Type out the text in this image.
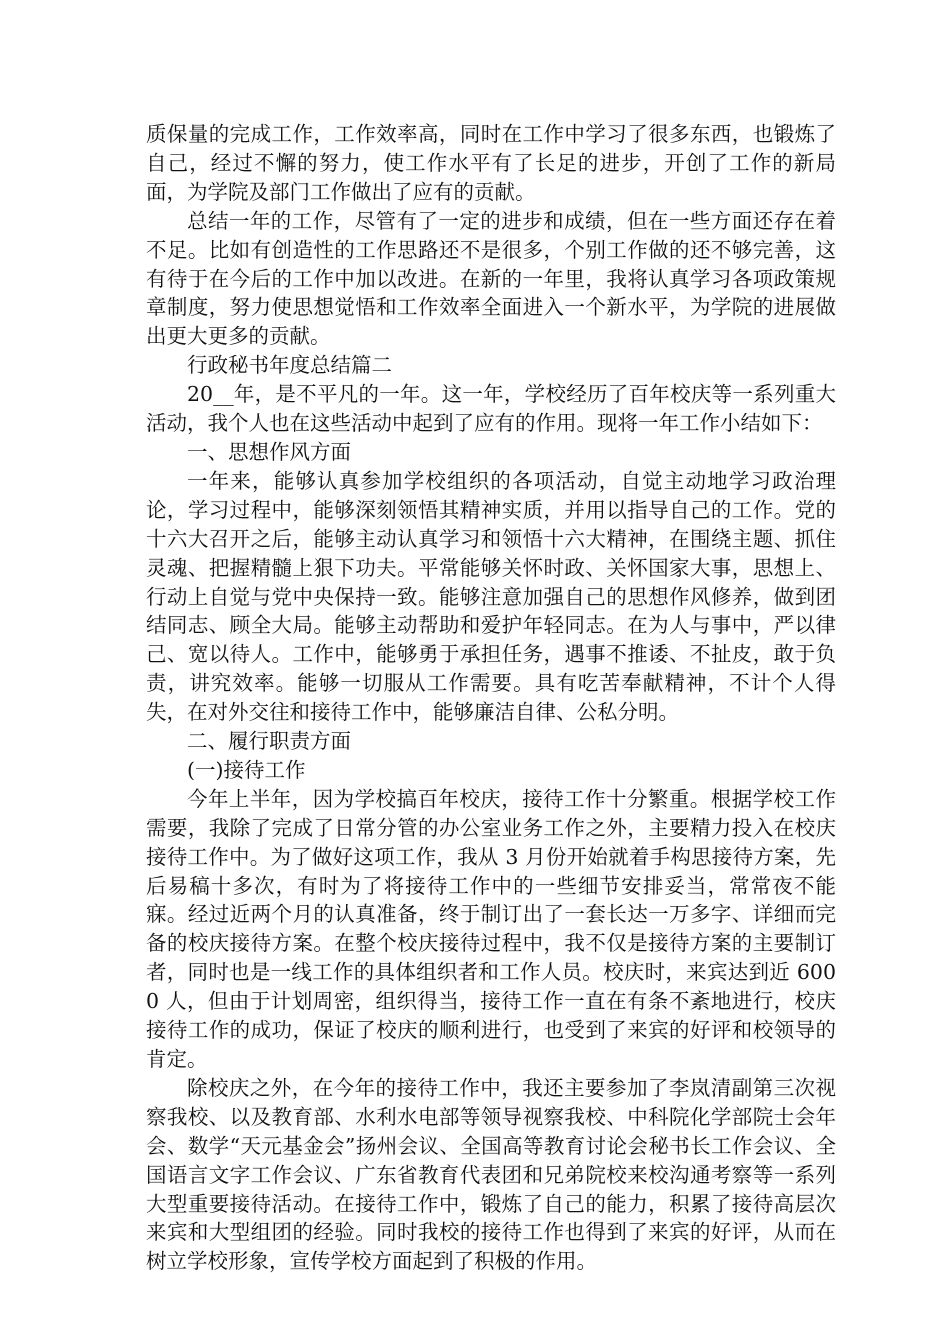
质保量的完成工作，工作效率高，同时在工作中学习了很多东西，也锻炼了自己，经过不懈的努力，使工作水平有了长足的进步，开创了工作的新局面，为学院及部门工作做出了应有的贡献。

总结一年的工作，尽管有了一定的进步和成绩，但在一些方面还存在着不足。比如有创造性的工作思路还不是很多，个别工作做的还不够完善，这有待于在今后的工作中加以改进。在新的一年里，我将认真学习各项政策规章制度，努力使思想觉悟和工作效率全面进入一个新水平，为学院的进展做出更大更多的贡献。

行政秘书年度总结篇二

20__年，是不平凡的一年。这一年，学校经历了百年校庆等一系列重大活动，我个人也在这些活动中起到了应有的作用。现将一年工作小结如下：

一、思想作风方面

一年来，能够认真参加学校组织的各项活动，自觉主动地学习政治理论，学习过程中，能够深刻领悟其精神实质，并用以指导自己的工作。党的十六大召开之后，能够主动认真学习和领悟十六大精神，在围绕主题、抓住灵魂、把握精髓上狠下功夫。平常能够关怀时政、关怀国家大事，思想上、行动上自觉与党中央保持一致。能够注意加强自己的思想作风修养，做到团结同志、顾全大局。能够主动帮助和爱护年轻同志。在为人与事中，严以律己、宽以待人。工作中，能够勇于承担任务，遇事不推诿、不扯皮，敢于负责，讲究效率。能够一切服从工作需要。具有吃苦奉献精神，不计个人得失，在对外交往和接待工作中，能够廉洁自律、公私分明。

二、履行职责方面

(一)接待工作

今年上半年，因为学校搞百年校庆，接待工作十分繁重。根据学校工作需要，我除了完成了日常分管的办公室业务工作之外，主要精力投入在校庆接待工作中。为了做好这项工作，我从 3 月份开始就着手构思接待方案，先后易稿十多次，有时为了将接待工作中的一些细节安排妥当，常常夜不能寐。经过近两个月的认真准备，终于制订出了一套长达一万多字、详细而完备的校庆接待方案。在整个校庆接待过程中，我不仅是接待方案的主要制订者，同时也是一线工作的具体组织者和工作人员。校庆时，来宾达到近 6000 人，但由于计划周密，组织得当，接待工作一直在有条不紊地进行，校庆接待工作的成功，保证了校庆的顺利进行，也受到了来宾的好评和校领导的肯定。

除校庆之外，在今年的接待工作中，我还主要参加了李岚清副第三次视察我校、以及教育部、水利水电部等领导视察我校、中科院化学部院士会年会、数学“天元基金会”扬州会议、全国高等教育讨论会秘书长工作会议、全国语言文字工作会议、广东省教育代表团和兄弟院校来校沟通考察等一系列大型重要接待活动。在接待工作中，锻炼了自己的能力，积累了接待高层次来宾和大型组团的经验。同时我校的接待工作也得到了来宾的好评，从而在树立学校形象，宣传学校方面起到了积极的作用。
